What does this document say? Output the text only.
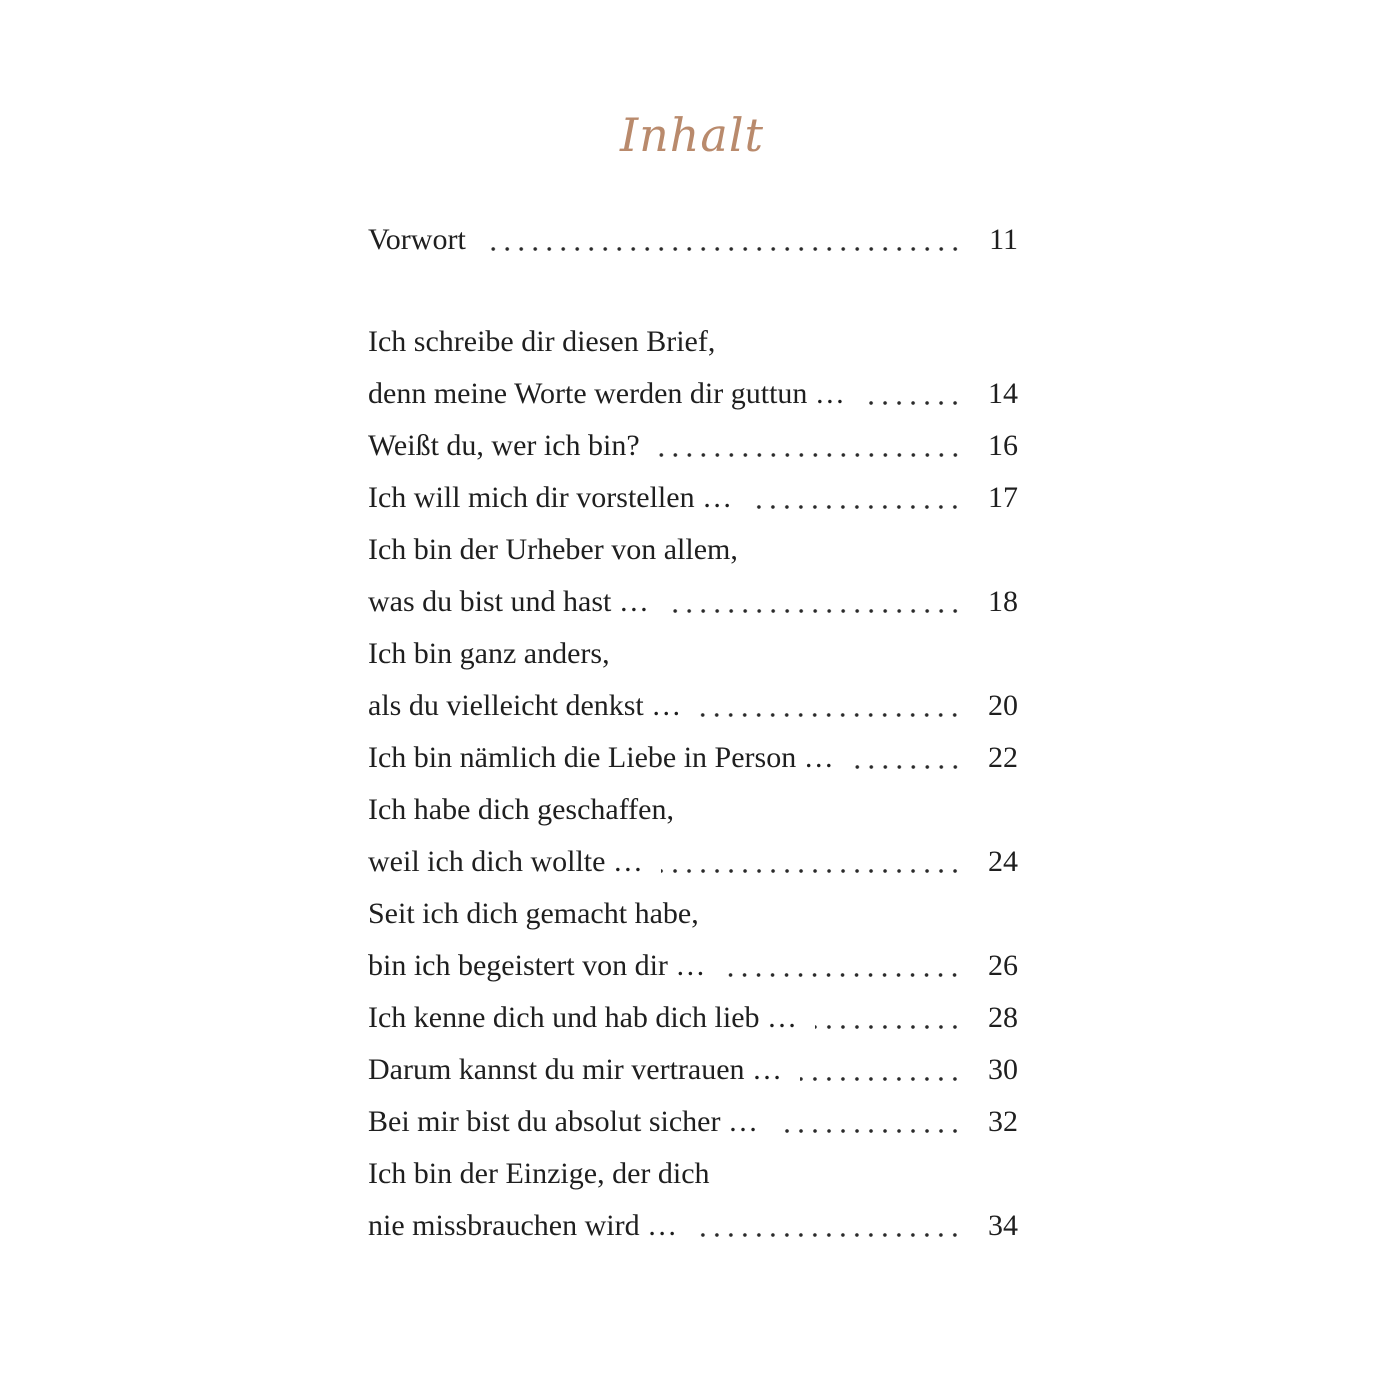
Inhalt
Vorwort	11
Ich schreibe dir diesen Brief,
denn meine Worte werden dir guttun …	14
Weißt du, wer ich bin?	16
Ich will mich dir vorstellen …	17
Ich bin der Urheber von allem,
was du bist und hast …	18
Ich bin ganz anders,
als du vielleicht denkst …	20
Ich bin nämlich die Liebe in Person …	22
Ich habe dich geschaffen,
weil ich dich wollte …	24
Seit ich dich gemacht habe,
bin ich begeistert von dir …	26
Ich kenne dich und hab dich lieb …	28
Darum kannst du mir vertrauen …	30
Bei mir bist du absolut sicher …	32
Ich bin der Einzige, der dich
nie missbrauchen wird …	34
